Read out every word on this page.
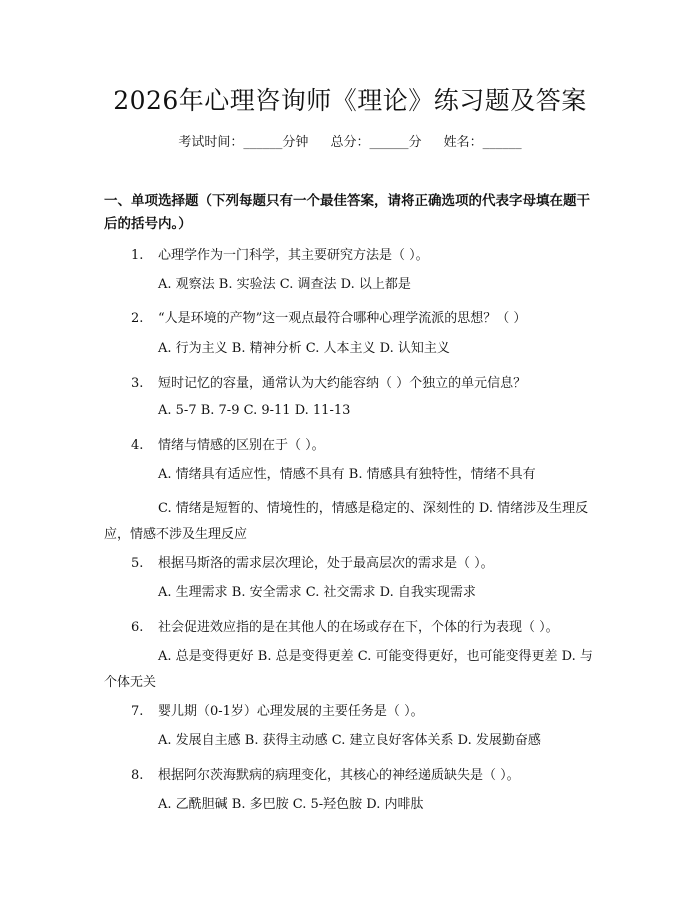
2026年心理咨询师《理论》练习题及答案

考试时间：______分钟 总分：______分 姓名：______

一、单项选择题（下列每题只有一个最佳答案，请将正确选项的代表字母填在题干后的括号内。）

1. 心理学作为一门科学，其主要研究方法是（ ）。

A. 观察法 B. 实验法 C. 调查法 D. 以上都是

2. “人是环境的产物”这一观点最符合哪种心理学流派的思想？（ ）

A. 行为主义 B. 精神分析 C. 人本主义 D. 认知主义

3. 短时记忆的容量，通常认为大约能容纳（ ）个独立的单元信息？

A. 5-7 B. 7-9 C. 9-11 D. 11-13

4. 情绪与情感的区别在于（ ）。

A. 情绪具有适应性，情感不具有 B. 情感具有独特性，情绪不具有

C. 情绪是短暂的、情境性的，情感是稳定的、深刻性的 D. 情绪涉及生理反应，情感不涉及生理反应

5. 根据马斯洛的需求层次理论，处于最高层次的需求是（ ）。

A. 生理需求 B. 安全需求 C. 社交需求 D. 自我实现需求

6. 社会促进效应指的是在其他人的在场或存在下，个体的行为表现（ ）。

A. 总是变得更好 B. 总是变得更差 C. 可能变得更好，也可能变得更差 D. 与个体无关

7. 婴儿期（0-1岁）心理发展的主要任务是（ ）。

A. 发展自主感 B. 获得主动感 C. 建立良好客体关系 D. 发展勤奋感

8. 根据阿尔茨海默病的病理变化，其核心的神经递质缺失是（ ）。

A. 乙酰胆碱 B. 多巴胺 C. 5-羟色胺 D. 内啡肽
